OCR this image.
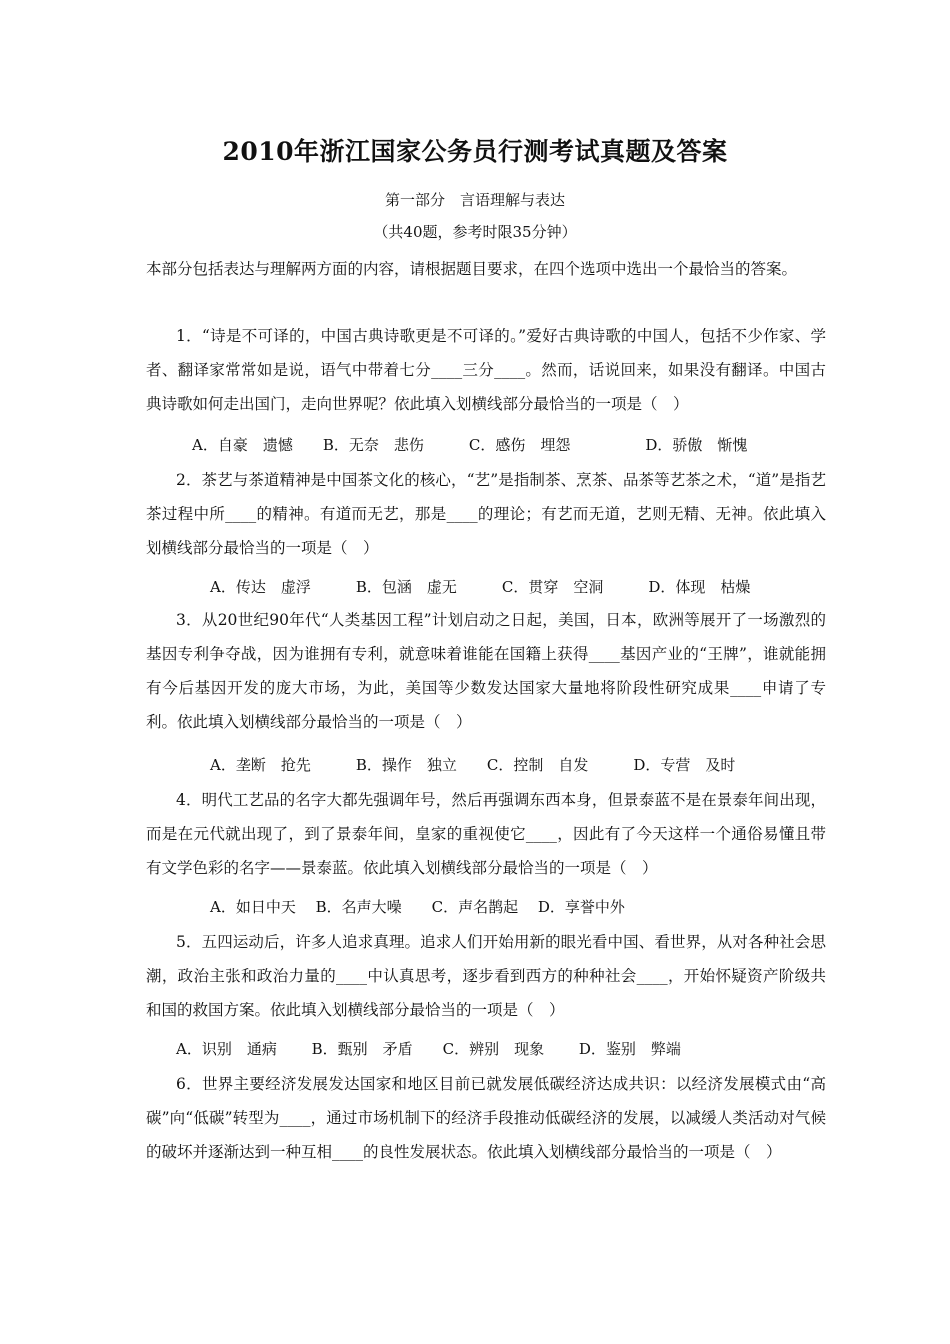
2010年浙江国家公务员行测考试真题及答案

第一部分　言语理解与表达

（共40题，参考时限35分钟）

本部分包括表达与理解两方面的内容，请根据题目要求，在四个选项中选出一个最恰当的答案。

1．“诗是不可译的，中国古典诗歌更是不可译的。”爱好古典诗歌的中国人，包括不少作家、学者、翻译家常常如是说，语气中带着七分____三分____。然而，话说回来，如果没有翻译。中国古典诗歌如何走出国门，走向世界呢？依此填入划横线部分最恰当的一项是（　）

A．自豪　遗憾　　B．无奈　悲伤　　　C．感伤　埋怨　　　　　D．骄傲　惭愧

2．茶艺与茶道精神是中国茶文化的核心，“艺”是指制茶、烹茶、品茶等艺茶之术，“道”是指艺茶过程中所____的精神。有道而无艺，那是____的理论；有艺而无道，艺则无精、无神。依此填入划横线部分最恰当的一项是（　）

A．传达　虚浮　　　B．包涵　虚无　　　C．贯穿　空洞　　　D．体现　枯燥

3．从20世纪90年代“人类基因工程”计划启动之日起，美国，日本，欧洲等展开了一场激烈的基因专利争夺战，因为谁拥有专利，就意味着谁能在国籍上获得____基因产业的“王牌”，谁就能拥有今后基因开发的庞大市场，为此，美国等少数发达国家大量地将阶段性研究成果____申请了专利。依此填入划横线部分最恰当的一项是（　）

A．垄断　抢先　　　B．操作　独立　　C．控制　自发　　　D．专营　及时

4．明代工艺品的名字大都先强调年号，然后再强调东西本身，但景泰蓝不是在景泰年间出现，而是在元代就出现了，到了景泰年间，皇家的重视使它____，因此有了今天这样一个通俗易懂且带有文学色彩的名字——景泰蓝。依此填入划横线部分最恰当的一项是（　）

A．如日中天　 B．名声大噪　　C．声名鹊起　 D．享誉中外

5．五四运动后，许多人追求真理。追求人们开始用新的眼光看中国、看世界，从对各种社会思潮，政治主张和政治力量的____中认真思考，逐步看到西方的种种社会____，开始怀疑资产阶级共和国的救国方案。依此填入划横线部分最恰当的一项是（　）

A．识别　通病　　 B．甄别　矛盾　　C．辨别　现象　　 D．鉴别　弊端

6．世界主要经济发展发达国家和地区目前已就发展低碳经济达成共识：以经济发展模式由“高碳”向“低碳”转型为____，通过市场机制下的经济手段推动低碳经济的发展，以减缓人类活动对气候的破坏并逐渐达到一种互相____的良性发展状态。依此填入划横线部分最恰当的一项是（　）
